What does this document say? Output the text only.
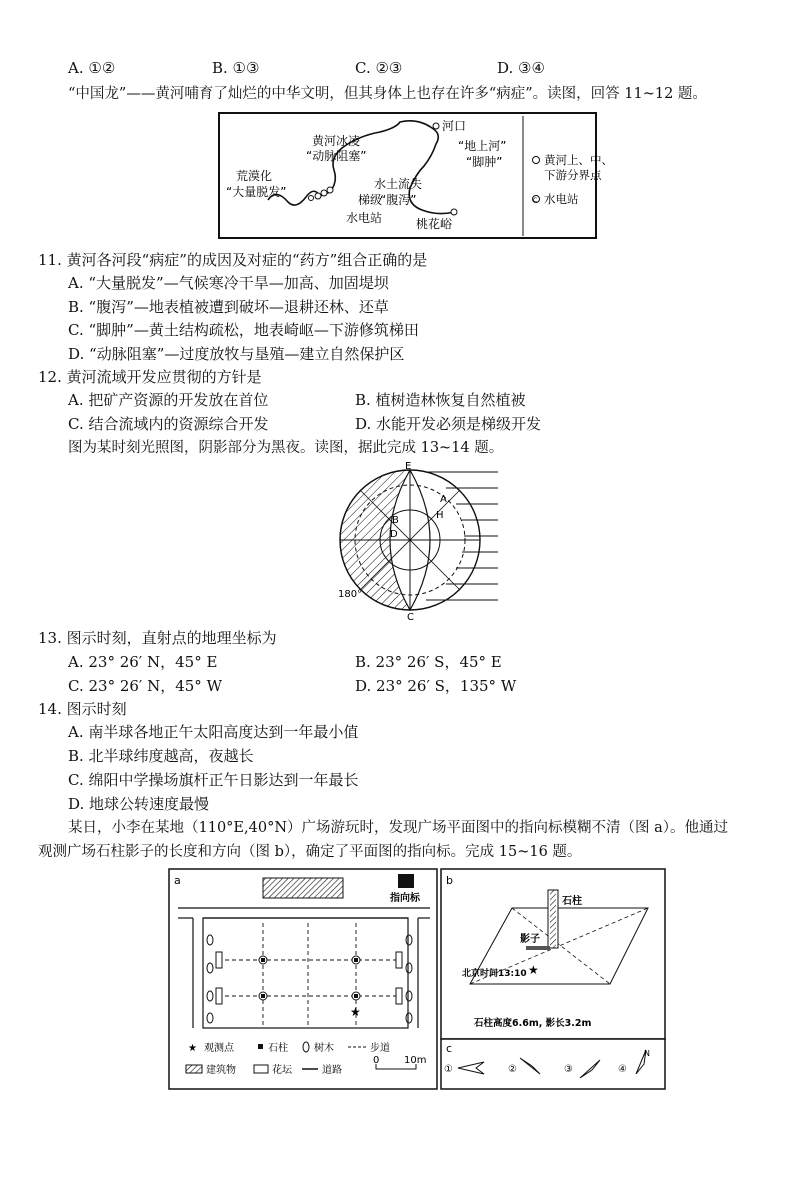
A. ①②	B. ①③	C. ②③	D. ③④
“中国龙”——黄河哺育了灿烂的中华文明，但其身体上也存在许多“病症”。读图，回答 11~12 题。
C
黄河冰凌
“动脉阻塞”
河口
“地上河”
“脚肿”
荒漠化
“大量脱发”
水土流失
“腹泻”
梯级
水电站	桃花峪
黄河上、中、
下游分界点
水电站
11. 黄河各河段“病症”的成因及对症的“药方”组合正确的是
A. “大量脱发”—气候寒冷干旱—加高、加固堤坝
B. “腹泻”—地表植被遭到破坏—退耕还林、还草
C. “脚肿”—黄土结构疏松，地表崎岖—下游修筑梯田
D. “动脉阻塞”—过度放牧与垦殖—建立自然保护区
12. 黄河流域开发应贯彻的方针是
A. 把矿产资源的开发放在首位	B. 植树造林恢复自然植被
C. 结合流域内的资源综合开发	D. 水能开发必须是梯级开发
图为某时刻光照图，阴影部分为黑夜。读图，据此完成 13~14 题。
E
A
H
B
D
C
180°
13. 图示时刻，直射点的地理坐标为
A. 23° 26′ N，45° E	B. 23° 26′ S，45° E
C. 23° 26′ N，45° W	D. 23° 26′ S，135° W
14. 图示时刻
A. 南半球各地正午太阳高度达到一年最小值
B. 北半球纬度越高，夜越长
C. 绵阳中学操场旗杆正午日影达到一年最长
D. 地球公转速度最慢
某日，小李在某地（110°E,40°N）广场游玩时，发现广场平面图中的指向标模糊不清（图 a）。他通过
观测广场石柱影子的长度和方向（图 b），确定了平面图的指向标。完成 15~16 题。
a
指向标
★
★ 观测点	石柱	树木	步道
建筑物	花坛	道路
0 10m
b
石柱
影子
★
北京时间13:10
石柱高度6.6m, 影长3.2m
c
①	②	③	④
N
